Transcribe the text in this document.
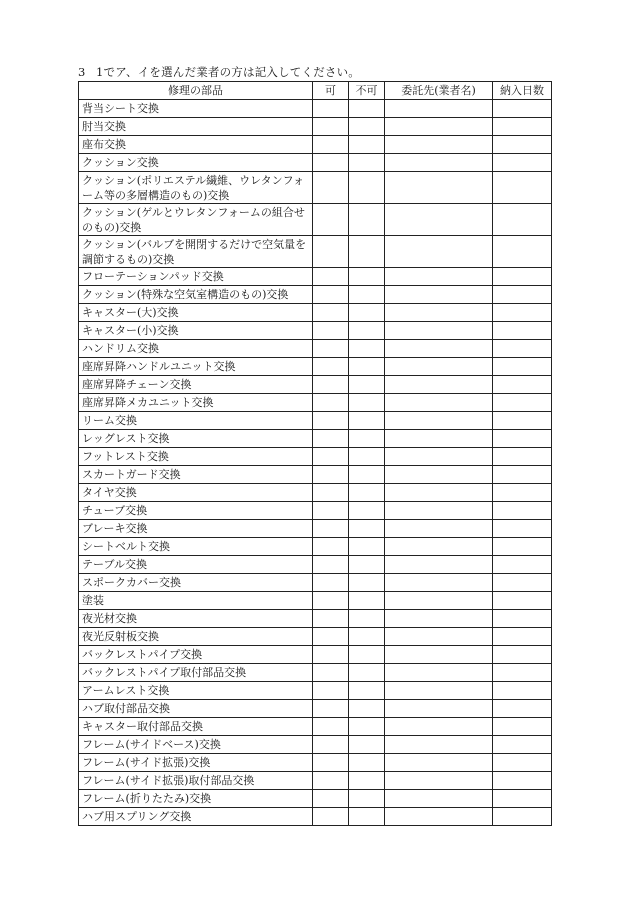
3 1でア、イを選んだ業者の方は記入してください。
修理の部品	可	不可	委託先(業者名)	納入日数
背当シート交換				
肘当交換				
座布交換				
クッション交換				
クッション(ポリエステル繊維、ウレタンフォーム等の多層構造のもの)交換				
クッション(ゲルとウレタンフォームの組合せのもの)交換				
クッション(バルブを開閉するだけで空気量を調節するもの)交換				
フローテーションパッド交換				
クッション(特殊な空気室構造のもの)交換				
キャスター(大)交換				
キャスター(小)交換				
ハンドリム交換				
座席昇降ハンドルユニット交換				
座席昇降チェーン交換				
座席昇降メカユニット交換				
リーム交換				
レッグレスト交換				
フットレスト交換				
スカートガード交換				
タイヤ交換				
チューブ交換				
ブレーキ交換				
シートベルト交換				
テーブル交換				
スポークカバー交換				
塗装				
夜光材交換				
夜光反射板交換				
バックレストパイプ交換				
バックレストパイプ取付部品交換				
アームレスト交換				
ハブ取付部品交換				
キャスター取付部品交換				
フレーム(サイドベース)交換				
フレーム(サイド拡張)交換				
フレーム(サイド拡張)取付部品交換				
フレーム(折りたたみ)交換				
ハブ用スプリング交換				
